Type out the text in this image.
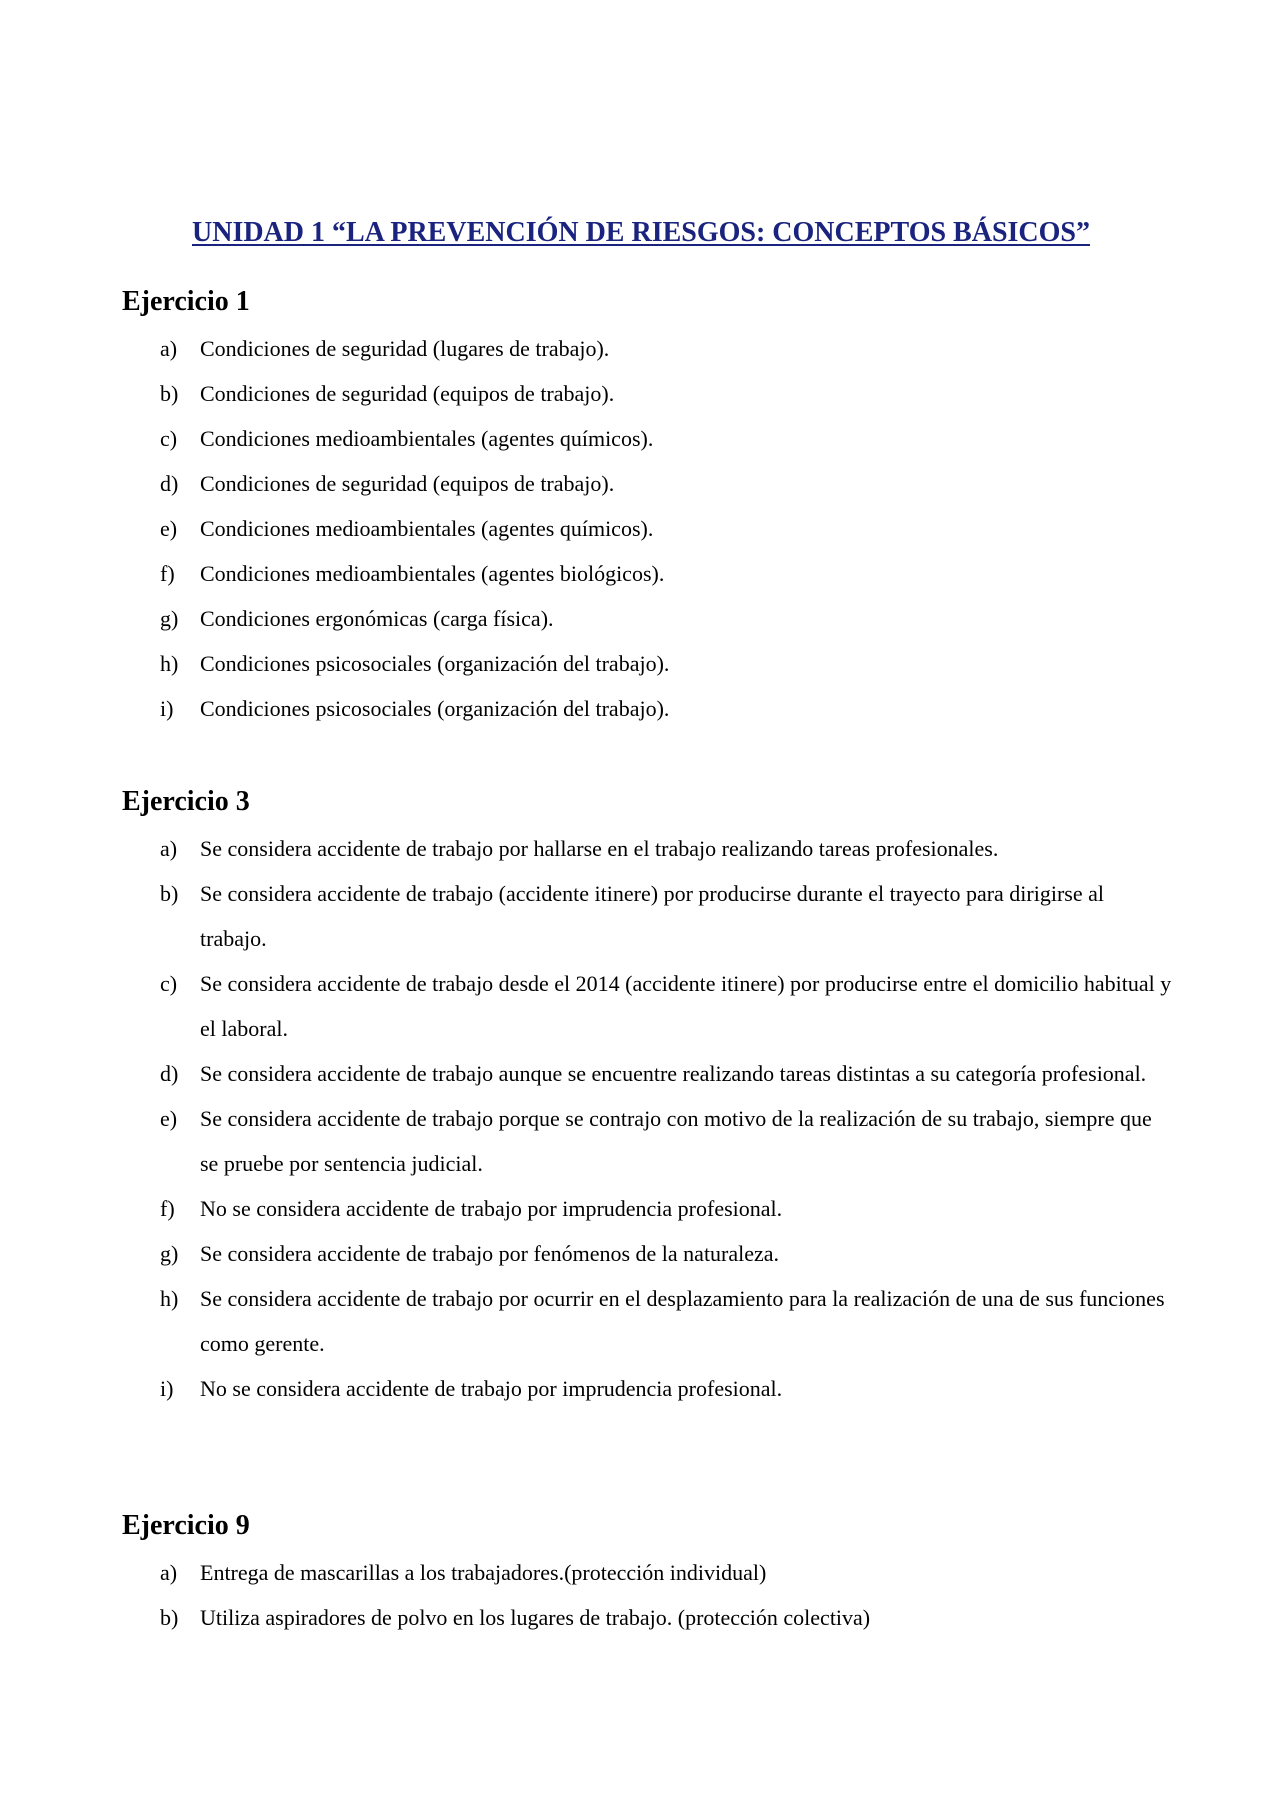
UNIDAD 1 “LA PREVENCIÓN DE RIESGOS: CONCEPTOS BÁSICOS”
Ejercicio 1
a)	Condiciones de seguridad (lugares de trabajo).
b) Condiciones de seguridad (equipos de trabajo).
c)	Condiciones medioambientales (agentes químicos).
d) Condiciones de seguridad (equipos de trabajo).
e)	Condiciones medioambientales (agentes químicos).
f)	Condiciones medioambientales (agentes biológicos).
g) Condiciones ergonómicas (carga física).
h) Condiciones psicosociales (organización del trabajo).
i)	Condiciones psicosociales (organización del trabajo).
Ejercicio 3
a)	Se considera accidente de trabajo por hallarse en el trabajo realizando tareas profesionales.
b) Se considera accidente de trabajo (accidente itinere) por producirse durante el trayecto para dirigirse al trabajo.
c)	Se considera accidente de trabajo desde el 2014 (accidente itinere) por producirse entre el domicilio habitual y el laboral.
d) Se considera accidente de trabajo aunque se encuentre realizando tareas distintas a su categoría profesional.
e)	Se considera accidente de trabajo porque se contrajo con motivo de la realización de su trabajo, siempre que se pruebe por sentencia judicial.
f)	No se considera accidente de trabajo por imprudencia profesional.
g) Se considera accidente de trabajo por fenómenos de la naturaleza.
h) Se considera accidente de trabajo por ocurrir en el desplazamiento para la realización de una de sus funciones como gerente.
i)	No se considera accidente de trabajo por imprudencia profesional.
Ejercicio 9
a)	Entrega de mascarillas a los trabajadores.(protección individual)
b) Utiliza aspiradores de polvo en los lugares de trabajo. (protección colectiva)
